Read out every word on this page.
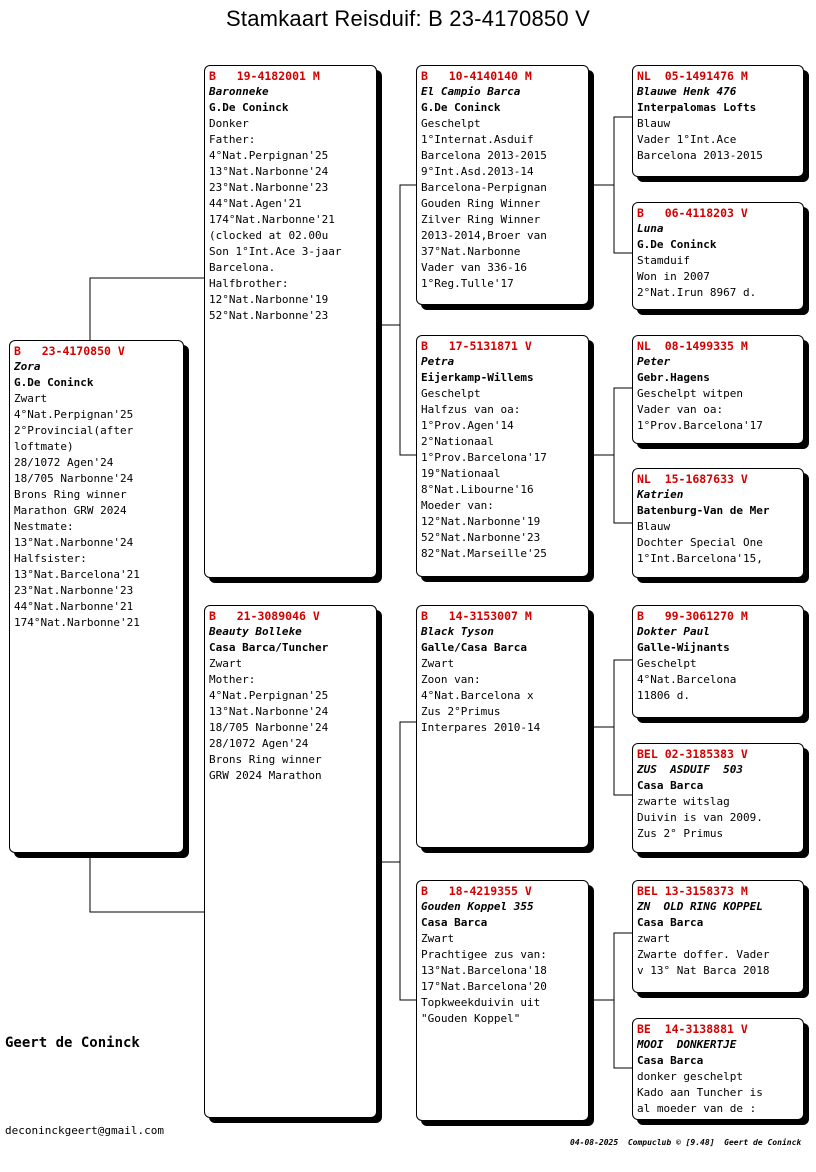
Stamkaart Reisduif: B 23-4170850 V
B   23-4170850 V
Zora
G.De Coninck
Zwart
4°Nat.Perpignan'25
2°Provincial(after
loftmate)
28/1072 Agen'24
18/705 Narbonne'24
Brons Ring winner
Marathon GRW 2024
Nestmate:
13°Nat.Narbonne'24
Halfsister:
13°Nat.Barcelona'21
23°Nat.Narbonne'23
44°Nat.Narbonne'21
174°Nat.Narbonne'21
B   19-4182001 M
Baronneke
G.De Coninck
Donker
Father:
4°Nat.Perpignan'25
13°Nat.Narbonne'24
23°Nat.Narbonne'23
44°Nat.Agen'21
174°Nat.Narbonne'21
(clocked at 02.00u
Son 1°Int.Ace 3-jaar
Barcelona.
Halfbrother:
12°Nat.Narbonne'19
52°Nat.Narbonne'23
B   21-3089046 V
Beauty Bolleke
Casa Barca/Tuncher
Zwart
Mother:
4°Nat.Perpignan'25
13°Nat.Narbonne'24
18/705 Narbonne'24
28/1072 Agen'24
Brons Ring winner
GRW 2024 Marathon
B   10-4140140 M
El Campio Barca
G.De Coninck
Geschelpt
1°Internat.Asduif
Barcelona 2013-2015
9°Int.Asd.2013-14
Barcelona-Perpignan
Gouden Ring Winner
Zilver Ring Winner
2013-2014,Broer van
37°Nat.Narbonne
Vader van 336-16
1°Reg.Tulle'17
B   17-5131871 V
Petra
Eijerkamp-Willems
Geschelpt
Halfzus van oa:
1°Prov.Agen'14
2°Nationaal
1°Prov.Barcelona'17
19°Nationaal
8°Nat.Libourne'16
Moeder van:
12°Nat.Narbonne'19
52°Nat.Narbonne'23
82°Nat.Marseille'25
B   14-3153007 M
Black Tyson
Galle/Casa Barca
Zwart
Zoon van:
4°Nat.Barcelona x
Zus 2°Primus
Interpares 2010-14
B   18-4219355 V
Gouden Koppel 355
Casa Barca
Zwart
Prachtigee zus van:
13°Nat.Barcelona'18
17°Nat.Barcelona'20
Topkweekduivin uit
"Gouden Koppel"
NL  05-1491476 M
Blauwe Henk 476
Interpalomas Lofts
Blauw
Vader 1°Int.Ace
Barcelona 2013-2015
B   06-4118203 V
Luna
G.De Coninck
Stamduif
Won in 2007
2°Nat.Irun 8967 d.
NL  08-1499335 M
Peter
Gebr.Hagens
Geschelpt witpen
Vader van oa:
1°Prov.Barcelona'17
NL  15-1687633 V
Katrien
Batenburg-Van de Mer
Blauw
Dochter Special One
1°Int.Barcelona'15,
B   99-3061270 M
Dokter Paul
Galle-Wijnants
Geschelpt
4°Nat.Barcelona
11806 d.
BEL 02-3185383 V
ZUS  ASDUIF  503
Casa Barca
zwarte witslag
Duivin is van 2009.
Zus 2° Primus
BEL 13-3158373 M
ZN  OLD RING KOPPEL
Casa Barca
zwart
Zwarte doffer. Vader
v 13° Nat Barca 2018
BE  14-3138881 V
MOOI  DONKERTJE
Casa Barca
donker geschelpt
Kado aan Tuncher is
al moeder van de :
Geert de Coninck
deconinckgeert@gmail.com
04-08-2025 Compuclub © [9.48]  Geert de Coninck
